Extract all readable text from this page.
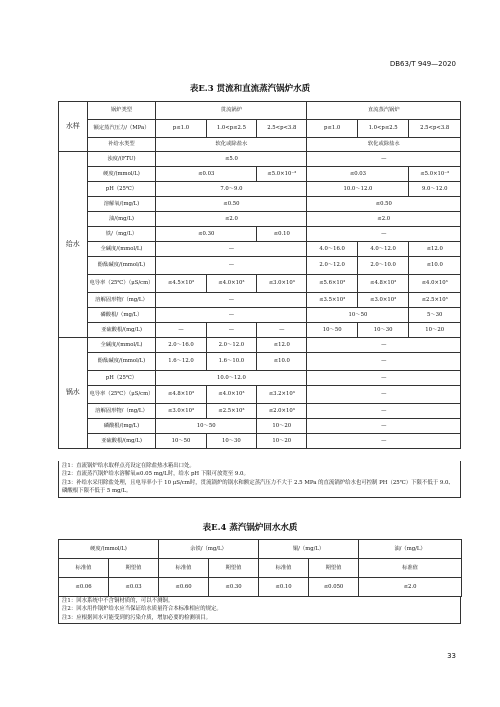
DB63/T 949—2020
表E.3 贯流和直流蒸汽锅炉水质
水样	锅炉类型	贯流锅炉			直流蒸汽锅炉		
	额定蒸汽压力/（MPa）	p≤1.0	1.0<p≤2.5	2.5<p<3.8	p≤1.0	1.0<p≤2.5	2.5<p<3.8
	补给水类型	软化或除盐水			软化或除盐水		
给水	浊度/(FTU)	≤5.0			—		
	硬度/(mmol/L)	≤0.03		≤5.0×10⁻³	≤0.03		≤5.0×10⁻³
	pH（25℃）	7.0～9.0			10.0～12.0		9.0～12.0
	溶解氧/(mg/L)	≤0.50			≤0.50		
	油/(mg/L)	≤2.0			≤2.0		
	铁/（mg/L）	≤0.30		≤0.10	—		
	全碱度/(mmol/L)	—			4.0～16.0	4.0～12.0	≤12.0
	酚酞碱度/(mmol/L)	—			2.0～12.0	2.0～10.0	≤10.0
	电导率（25℃）（μS/cm）	≤4.5×10³	≤4.0×10³	≤3.0×10³	≤5.6×10³	≤4.8×10³	≤4.0×10³
	溶解固形物/（mg/L）	—			≤3.5×10³	≤3.0×10³	≤2.5×10³
	磷酸根/（mg/L）	—			10～50		5～30
	亚硫酸根/(mg/L)	—	—	—	10～50	10～30	10～20
锅水	全碱度/(mmol/L)	2.0～16.0	2.0～12.0	≤12.0	—		
	酚酞碱度/(mmol/L)	1.6～12.0	1.6～10.0	≤10.0	—		
	pH（25℃）	10.0～12.0			—		
	电导率（25℃）（μS/cm）	≤4.8×10³	≤4.0×10³	≤3.2×10³	—		
	溶解固形物/（mg/L）	≤3.0×10³	≤2.5×10³	≤2.0×10³	—		
	磷酸根/(mg/L)	10～50		10～20	—		
	亚硫酸根/(mg/L)	10～50	10～30	10～20	—		
注1：直流锅炉给水取样点亮设定在除盐热水箱出口处。
注2：直流蒸汽锅炉给水溶解氧≤0.05 mg/L时，给水 pH 下限可放宽至 9.0。
注3：补给水采用除盐处理，且电导率小于 10 μS/cm时，贯流锅炉的锅水和额定蒸汽压力不大于 2.5 MPa 的直流锅炉给水也可控制 PH（25℃）下限不低于 9.0、磷酸根下限不低于 5 mg/L。
表E.4 蒸汽锅炉回水水质
硬度/(mmol/L)		余铁/（mg/L）		铜/（mg/L）		油/（mg/L）
标准值	期望值	标准值	期望值	标准值	期望值	标准值
≤0.06	≤0.03	≤0.60	≤0.30	≤0.10	≤0.050	≤2.0
注1：回水系统中不含铜材质的，可以不测铜。
注2：回水用作锅炉给水应当保证给水质量符合本标准相应的规定。
注3：应根据回水可能受到的污染介质，增加必要的检测项目。
33
